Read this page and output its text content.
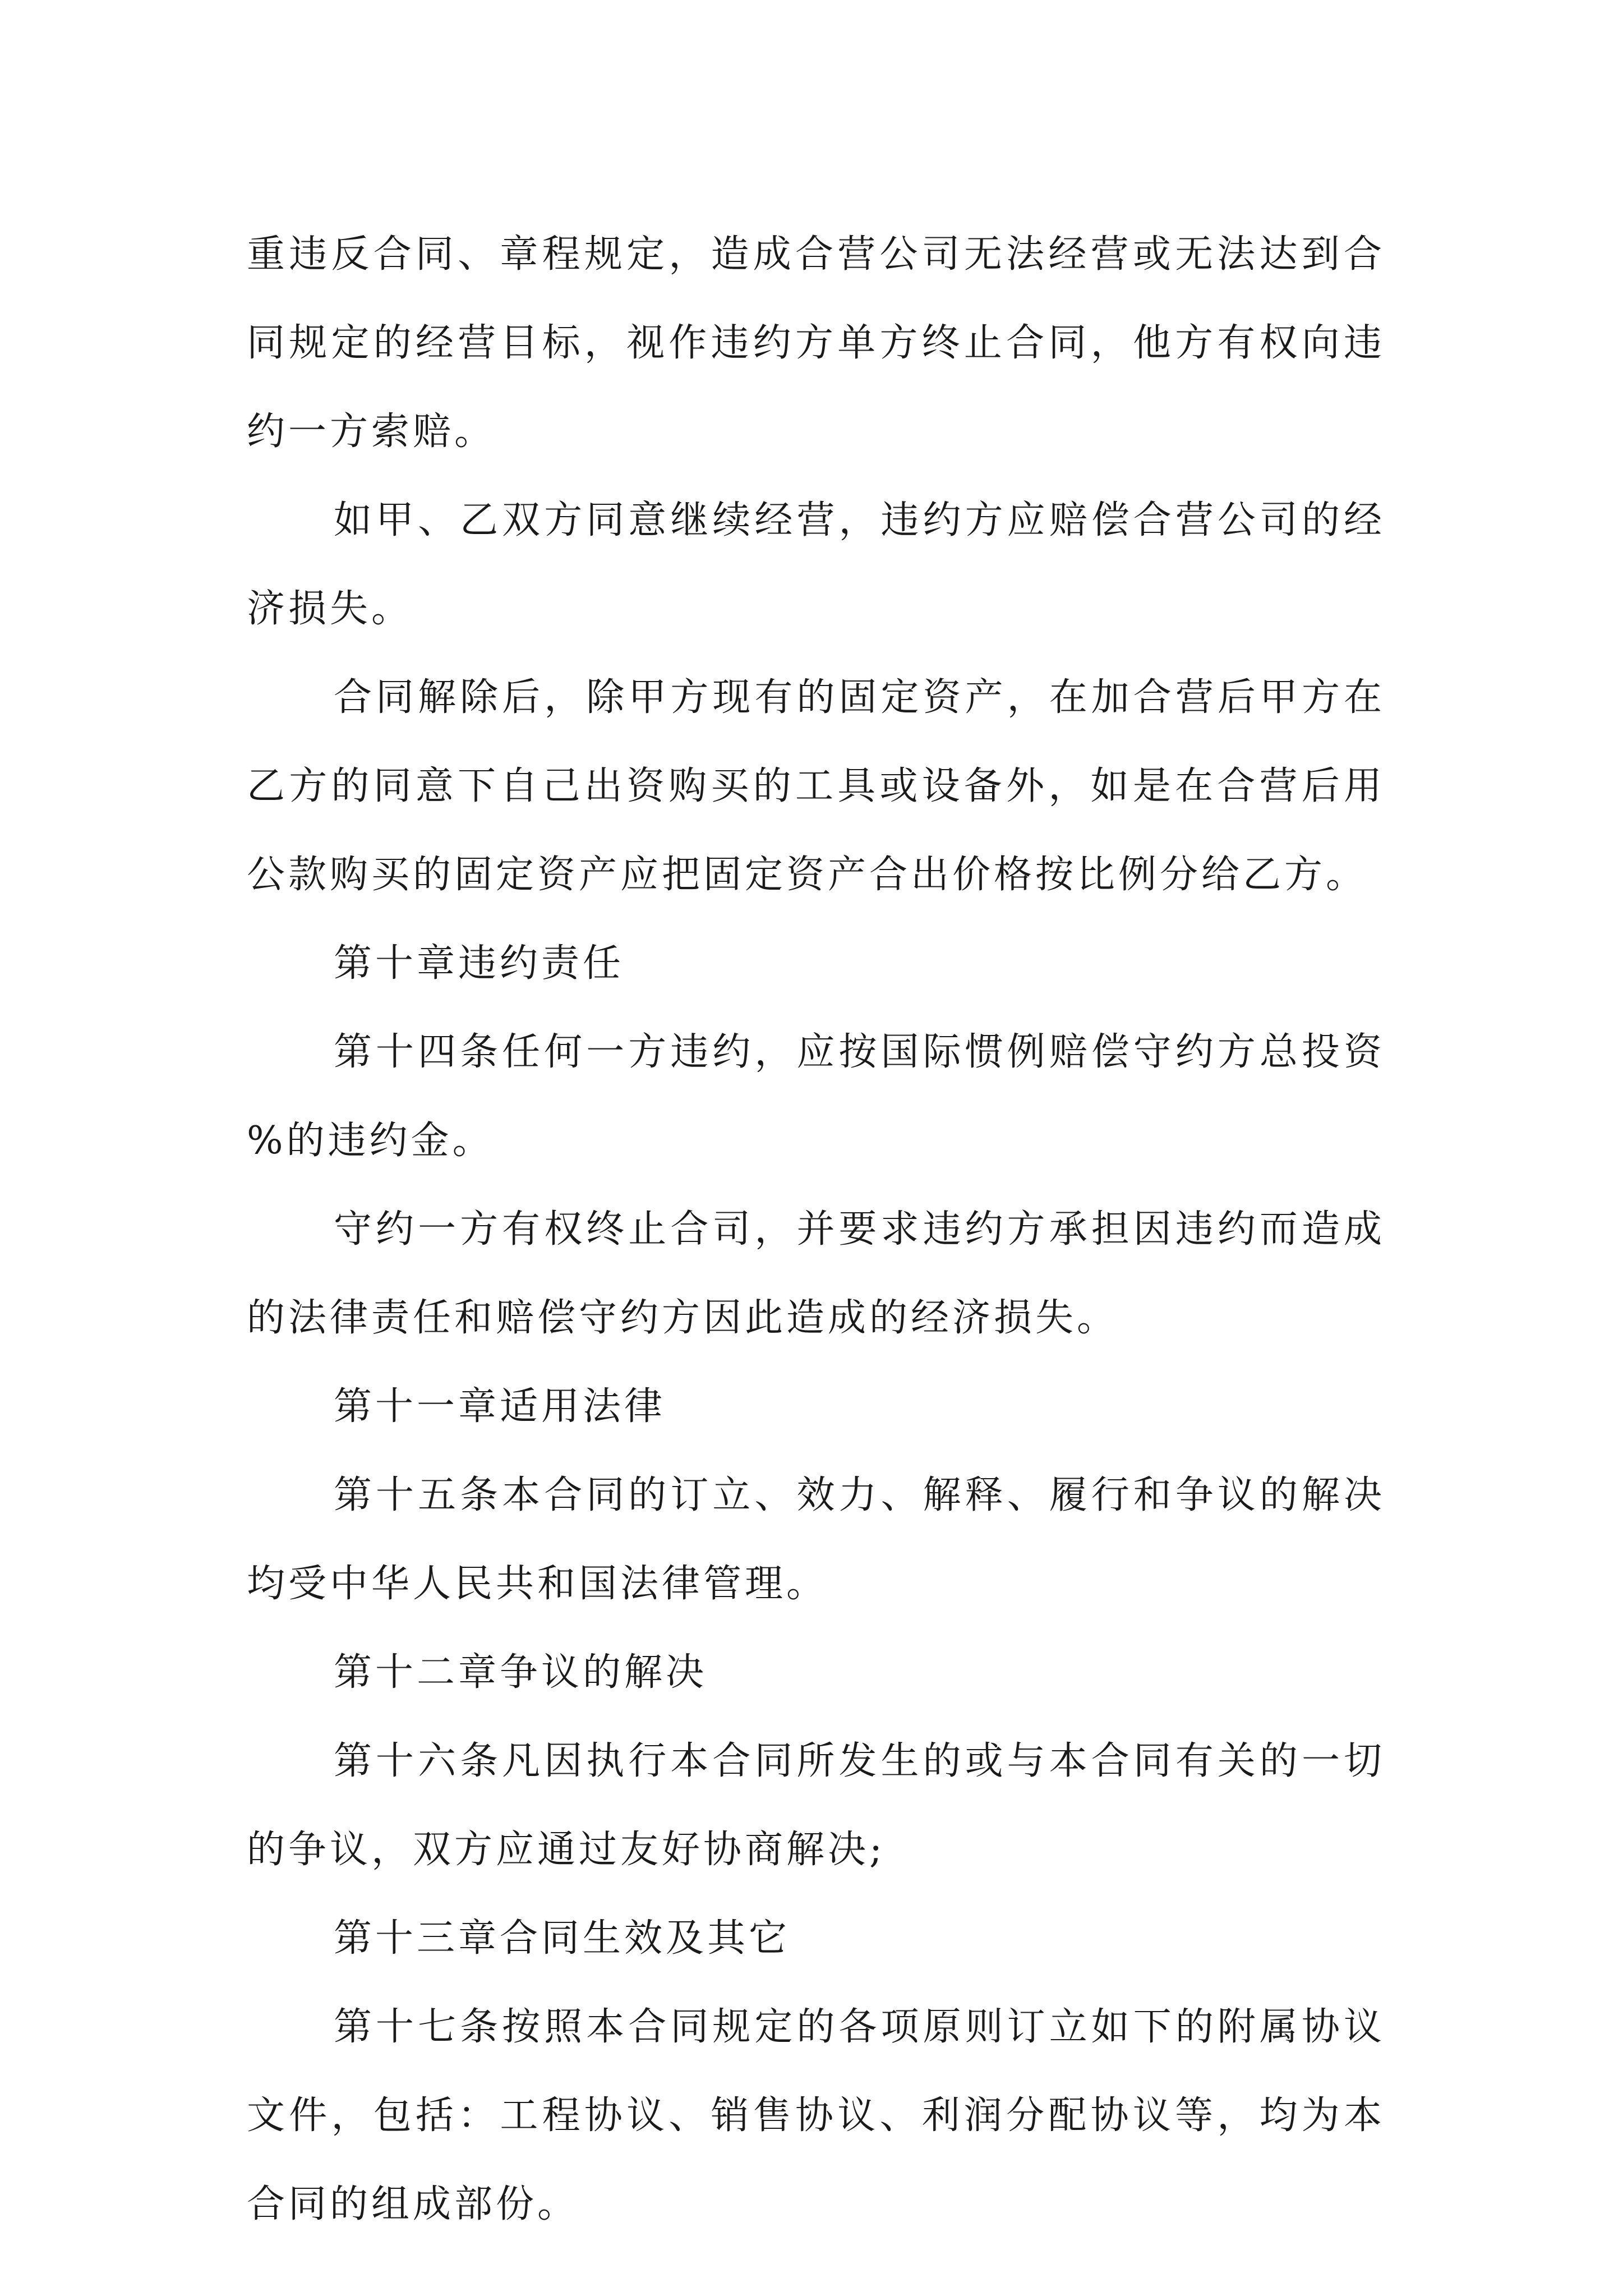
重违反合同、章程规定，造成合营公司无法经营或无法达到合同规定的经营目标，视作违约方单方终止合同，他方有权向违约一方索赔。

如甲、乙双方同意继续经营，违约方应赔偿合营公司的经济损失。

合同解除后，除甲方现有的固定资产，在加合营后甲方在乙方的同意下自己出资购买的工具或设备外，如是在合营后用公款购买的固定资产应把固定资产合出价格按比例分给乙方。

第十章违约责任

第十四条任何一方违约，应按国际惯例赔偿守约方总投资 %的违约金。

守约一方有权终止合司，并要求违约方承担因违约而造成的法律责任和赔偿守约方因此造成的经济损失。

第十一章适用法律

第十五条本合同的订立、效力、解释、履行和争议的解决均受中华人民共和国法律管理。

第十二章争议的解决

第十六条凡因执行本合同所发生的或与本合同有关的一切的争议，双方应通过友好协商解决;

第十三章合同生效及其它

第十七条按照本合同规定的各项原则订立如下的附属协议文件，包括：工程协议、销售协议、利润分配协议等，均为本合同的组成部份。
